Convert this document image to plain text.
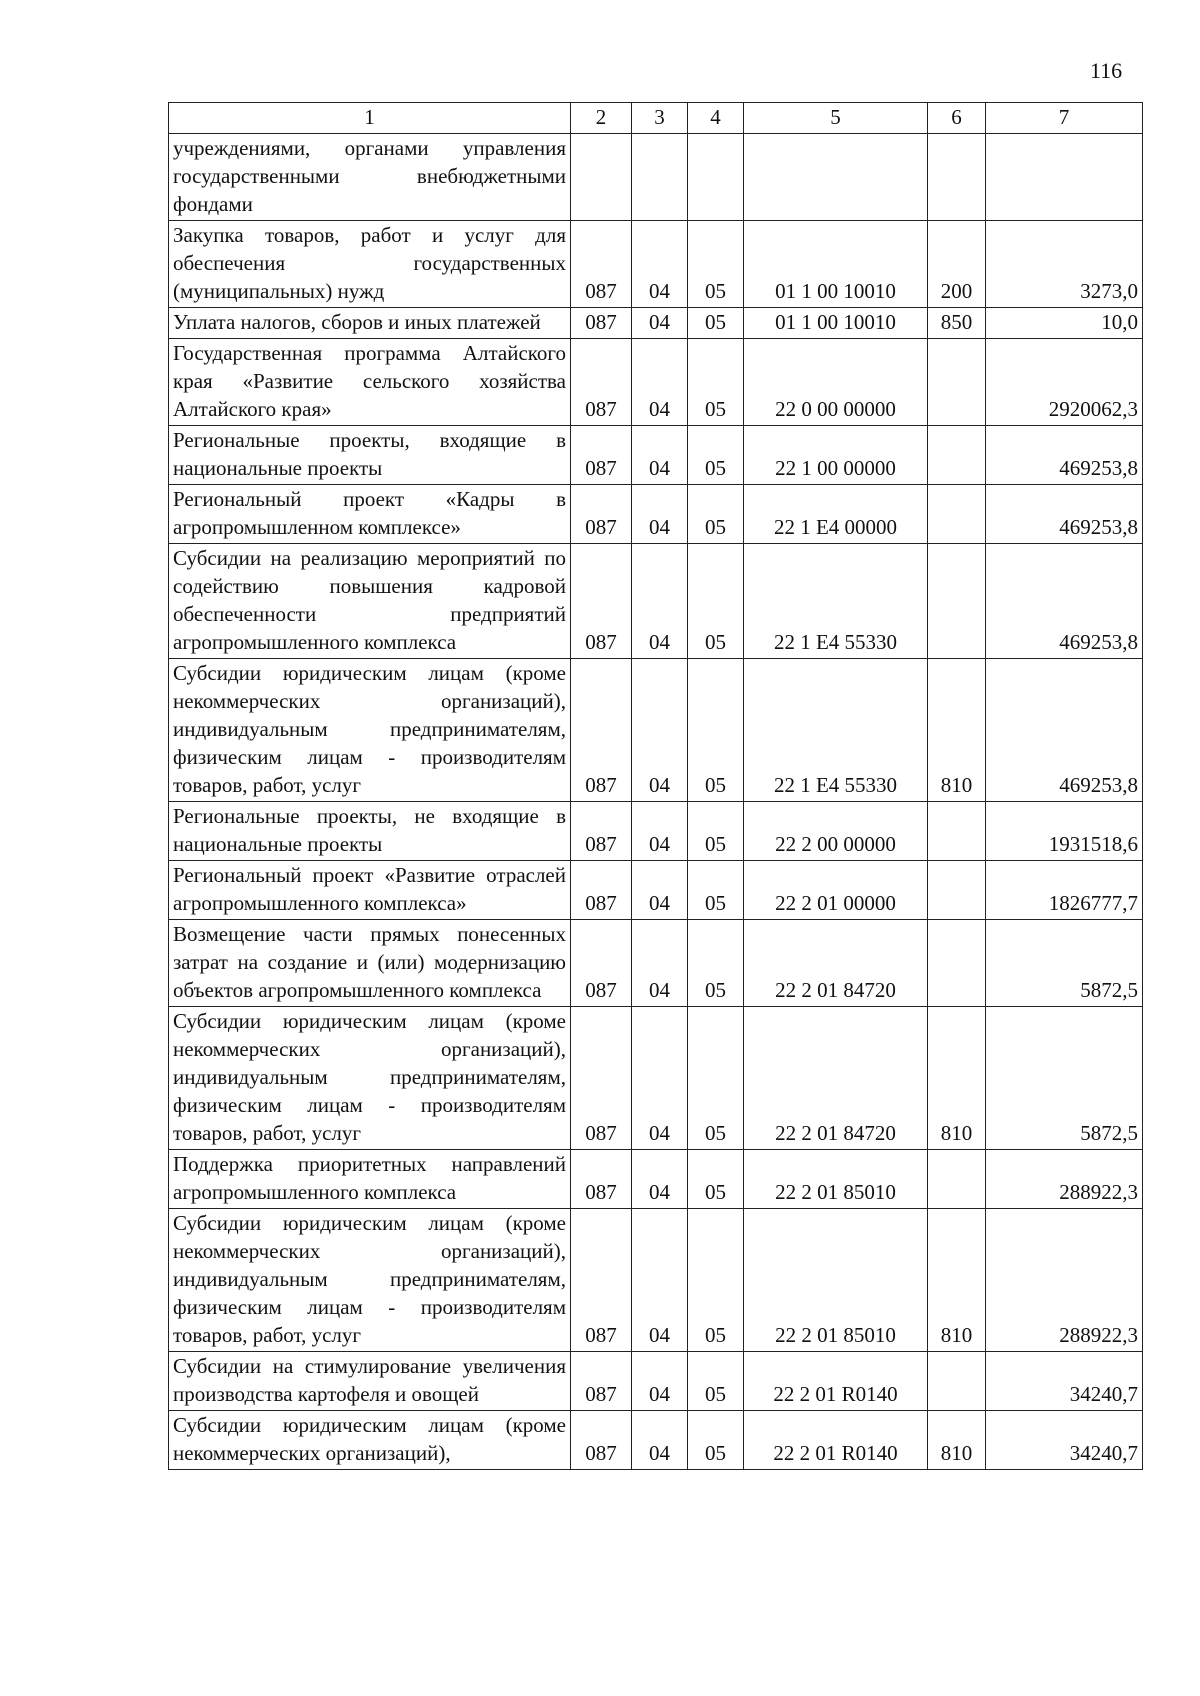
116
1	2	3	4	5	6	7
учреждениями, органами управления государственными внебюджетными фондами						
Закупка товаров, работ и услуг для обеспечения государственных (муниципальных) нужд	087	04	05	01 1 00 10010	200	3273,0
Уплата налогов, сборов и иных платежей	087	04	05	01 1 00 10010	850	10,0
Государственная программа Алтайского края «Развитие сельского хозяйства Алтайского края»	087	04	05	22 0 00 00000		2920062,3
Региональные проекты, входящие в национальные проекты	087	04	05	22 1 00 00000		469253,8
Региональный проект «Кадры в агропромышленном комплексе»	087	04	05	22 1 E4 00000		469253,8
Субсидии на реализацию мероприятий по содействию повышения кадровой обеспеченности предприятий агропромышленного комплекса	087	04	05	22 1 E4 55330		469253,8
Субсидии юридическим лицам (кроме некоммерческих организаций), индивидуальным предпринимателям, физическим лицам - производителям товаров, работ, услуг	087	04	05	22 1 E4 55330	810	469253,8
Региональные проекты, не входящие в национальные проекты	087	04	05	22 2 00 00000		1931518,6
Региональный проект «Развитие отраслей агропромышленного комплекса»	087	04	05	22 2 01 00000		1826777,7
Возмещение части прямых понесенных затрат на создание и (или) модернизацию объектов агропромышленного комплекса	087	04	05	22 2 01 84720		5872,5
Субсидии юридическим лицам (кроме некоммерческих организаций), индивидуальным предпринимателям, физическим лицам - производителям товаров, работ, услуг	087	04	05	22 2 01 84720	810	5872,5
Поддержка приоритетных направлений агропромышленного комплекса	087	04	05	22 2 01 85010		288922,3
Субсидии юридическим лицам (кроме некоммерческих организаций), индивидуальным предпринимателям, физическим лицам - производителям товаров, работ, услуг	087	04	05	22 2 01 85010	810	288922,3
Субсидии на стимулирование увеличения производства картофеля и овощей	087	04	05	22 2 01 R0140		34240,7
Субсидии юридическим лицам (кроме некоммерческих организаций),	087	04	05	22 2 01 R0140	810	34240,7
